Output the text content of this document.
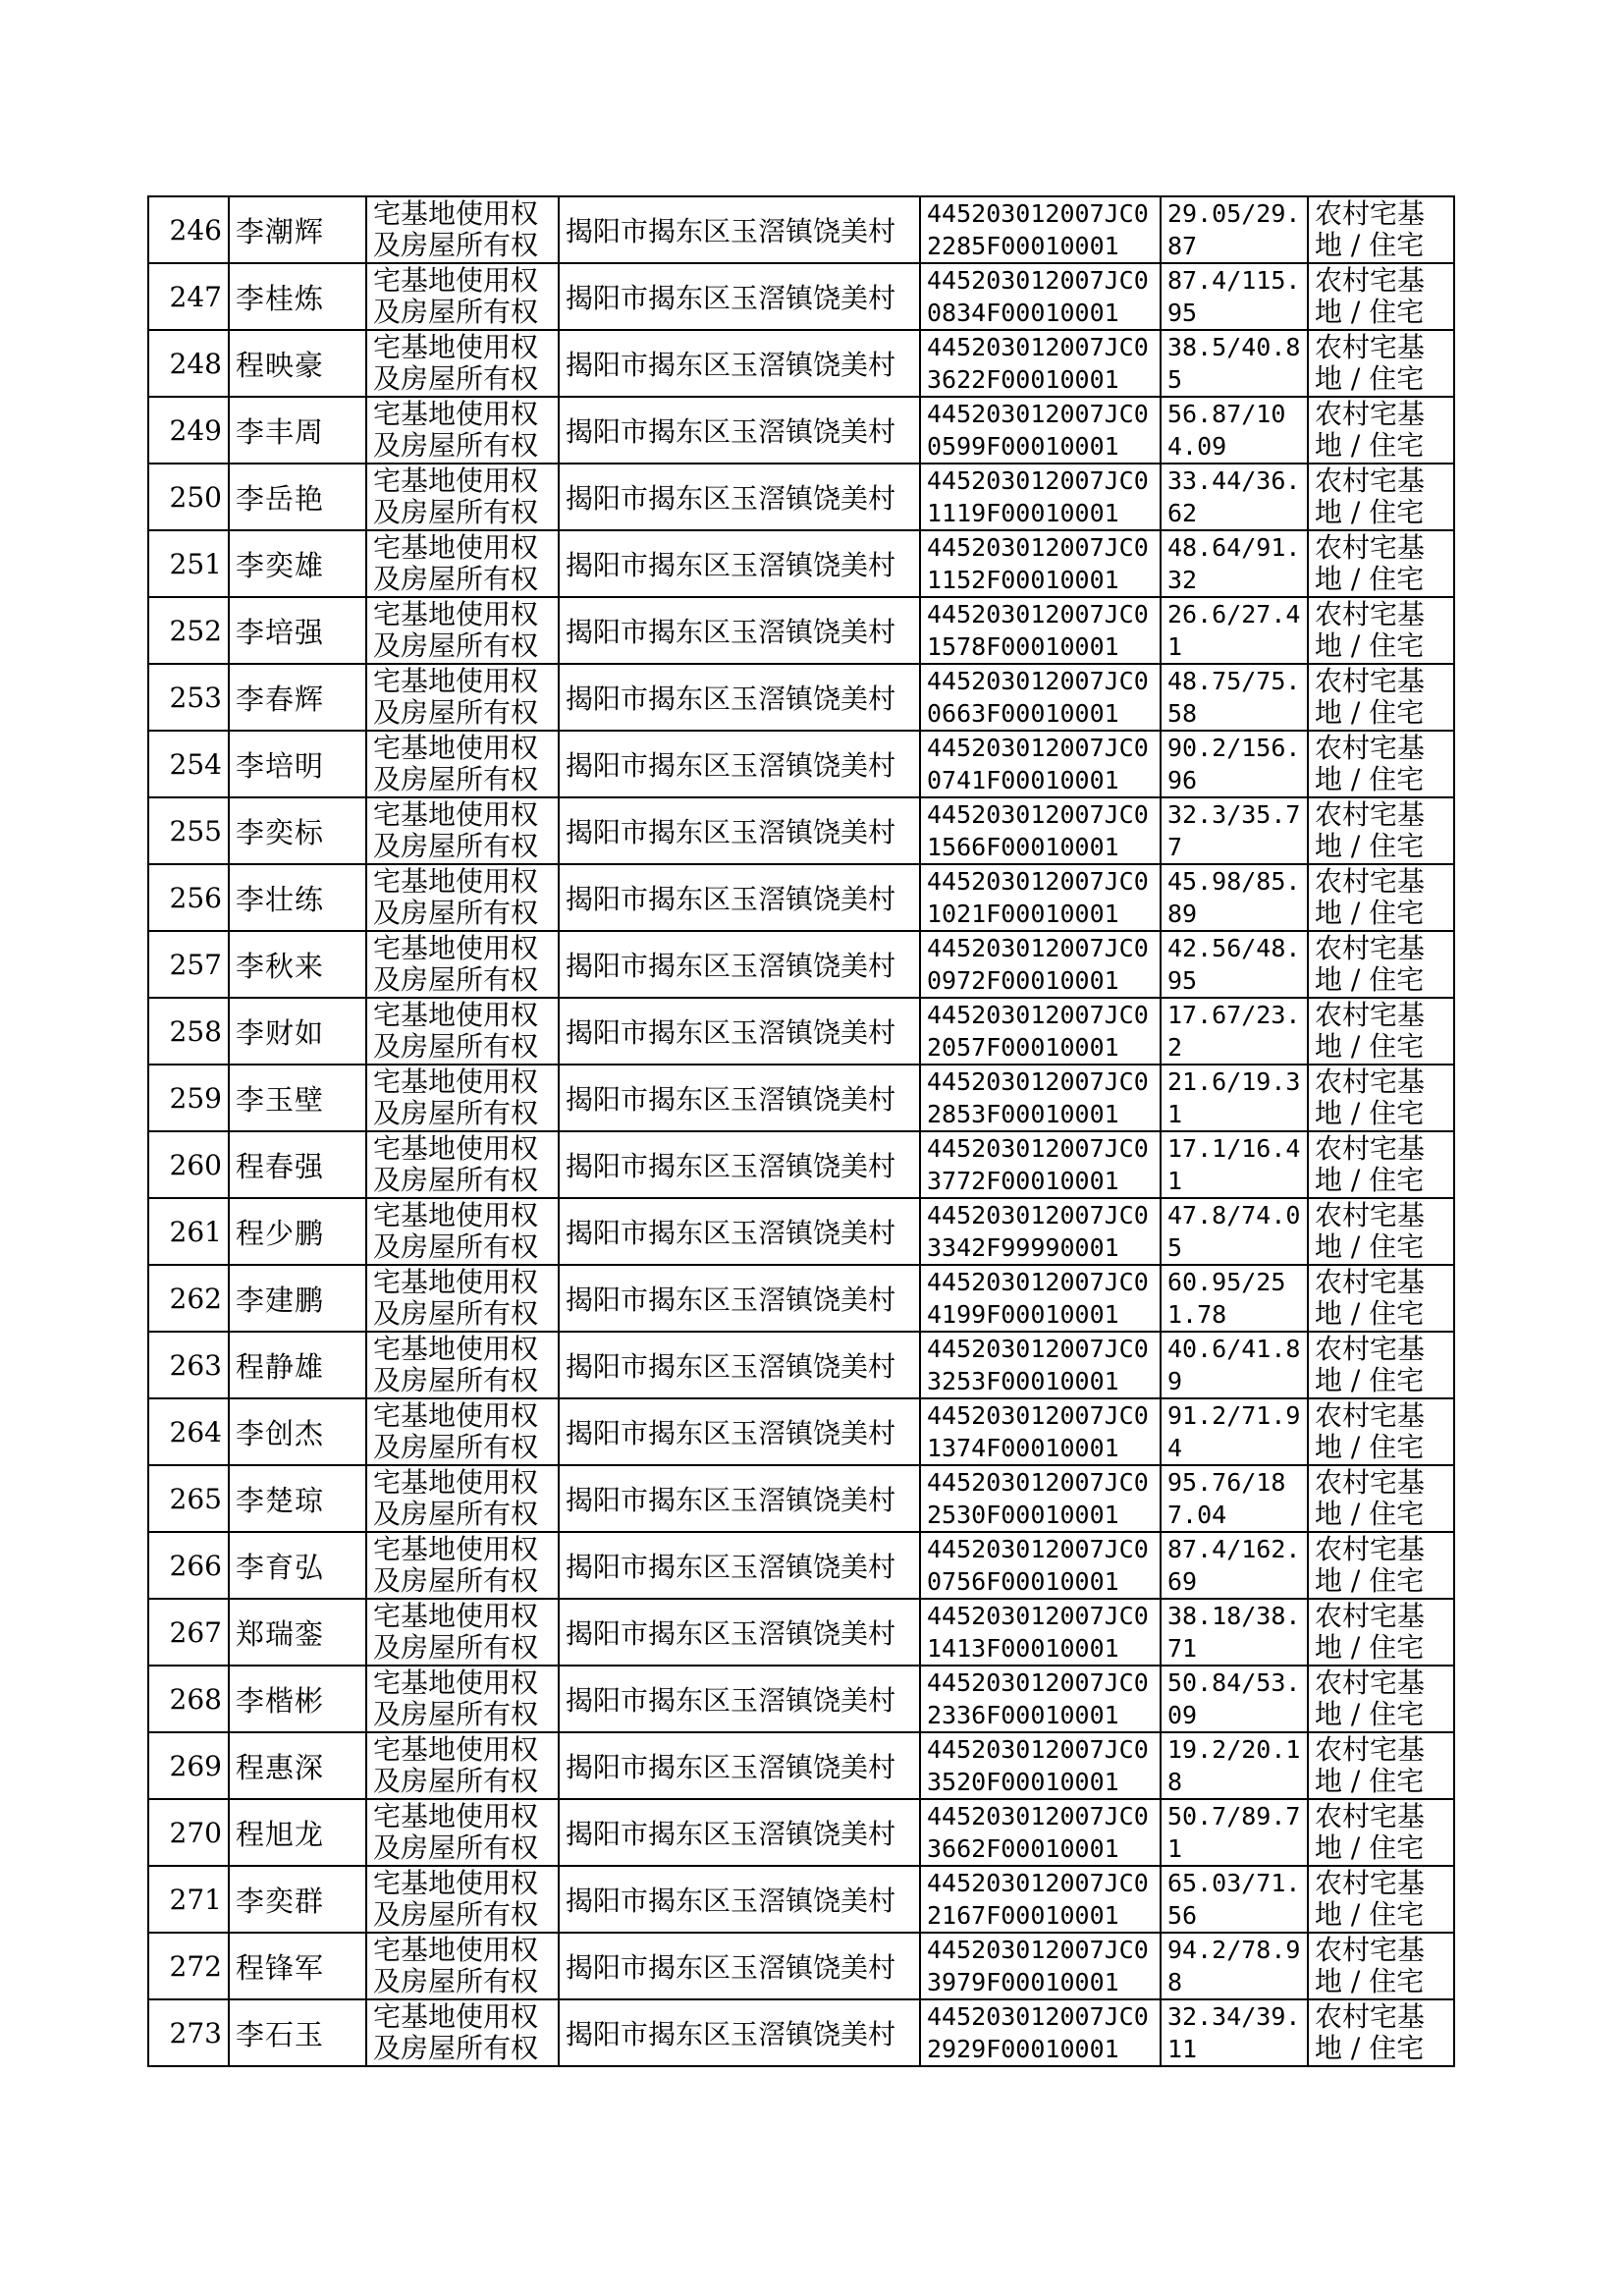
246	李潮辉	宅基地使用权及房屋所有权	揭阳市揭东区玉滘镇饶美村	445203012007JC02285F00010001	29.05/29.87	农村宅基地 / 住宅
247	李桂炼	宅基地使用权及房屋所有权	揭阳市揭东区玉滘镇饶美村	445203012007JC00834F00010001	87.4/115.95	农村宅基地 / 住宅
248	程映豪	宅基地使用权及房屋所有权	揭阳市揭东区玉滘镇饶美村	445203012007JC03622F00010001	38.5/40.85	农村宅基地 / 住宅
249	李丰周	宅基地使用权及房屋所有权	揭阳市揭东区玉滘镇饶美村	445203012007JC00599F00010001	56.87/104.09	农村宅基地 / 住宅
250	李岳艳	宅基地使用权及房屋所有权	揭阳市揭东区玉滘镇饶美村	445203012007JC01119F00010001	33.44/36.62	农村宅基地 / 住宅
251	李奕雄	宅基地使用权及房屋所有权	揭阳市揭东区玉滘镇饶美村	445203012007JC01152F00010001	48.64/91.32	农村宅基地 / 住宅
252	李培强	宅基地使用权及房屋所有权	揭阳市揭东区玉滘镇饶美村	445203012007JC01578F00010001	26.6/27.41	农村宅基地 / 住宅
253	李春辉	宅基地使用权及房屋所有权	揭阳市揭东区玉滘镇饶美村	445203012007JC00663F00010001	48.75/75.58	农村宅基地 / 住宅
254	李培明	宅基地使用权及房屋所有权	揭阳市揭东区玉滘镇饶美村	445203012007JC00741F00010001	90.2/156.96	农村宅基地 / 住宅
255	李奕标	宅基地使用权及房屋所有权	揭阳市揭东区玉滘镇饶美村	445203012007JC01566F00010001	32.3/35.77	农村宅基地 / 住宅
256	李壮练	宅基地使用权及房屋所有权	揭阳市揭东区玉滘镇饶美村	445203012007JC01021F00010001	45.98/85.89	农村宅基地 / 住宅
257	李秋来	宅基地使用权及房屋所有权	揭阳市揭东区玉滘镇饶美村	445203012007JC00972F00010001	42.56/48.95	农村宅基地 / 住宅
258	李财如	宅基地使用权及房屋所有权	揭阳市揭东区玉滘镇饶美村	445203012007JC02057F00010001	17.67/23.2	农村宅基地 / 住宅
259	李玉壁	宅基地使用权及房屋所有权	揭阳市揭东区玉滘镇饶美村	445203012007JC02853F00010001	21.6/19.31	农村宅基地 / 住宅
260	程春强	宅基地使用权及房屋所有权	揭阳市揭东区玉滘镇饶美村	445203012007JC03772F00010001	17.1/16.41	农村宅基地 / 住宅
261	程少鹏	宅基地使用权及房屋所有权	揭阳市揭东区玉滘镇饶美村	445203012007JC03342F99990001	47.8/74.05	农村宅基地 / 住宅
262	李建鹏	宅基地使用权及房屋所有权	揭阳市揭东区玉滘镇饶美村	445203012007JC04199F00010001	60.95/251.78	农村宅基地 / 住宅
263	程静雄	宅基地使用权及房屋所有权	揭阳市揭东区玉滘镇饶美村	445203012007JC03253F00010001	40.6/41.89	农村宅基地 / 住宅
264	李创杰	宅基地使用权及房屋所有权	揭阳市揭东区玉滘镇饶美村	445203012007JC01374F00010001	91.2/71.94	农村宅基地 / 住宅
265	李楚琼	宅基地使用权及房屋所有权	揭阳市揭东区玉滘镇饶美村	445203012007JC02530F00010001	95.76/187.04	农村宅基地 / 住宅
266	李育弘	宅基地使用权及房屋所有权	揭阳市揭东区玉滘镇饶美村	445203012007JC00756F00010001	87.4/162.69	农村宅基地 / 住宅
267	郑瑞銮	宅基地使用权及房屋所有权	揭阳市揭东区玉滘镇饶美村	445203012007JC01413F00010001	38.18/38.71	农村宅基地 / 住宅
268	李楷彬	宅基地使用权及房屋所有权	揭阳市揭东区玉滘镇饶美村	445203012007JC02336F00010001	50.84/53.09	农村宅基地 / 住宅
269	程惠深	宅基地使用权及房屋所有权	揭阳市揭东区玉滘镇饶美村	445203012007JC03520F00010001	19.2/20.18	农村宅基地 / 住宅
270	程旭龙	宅基地使用权及房屋所有权	揭阳市揭东区玉滘镇饶美村	445203012007JC03662F00010001	50.7/89.71	农村宅基地 / 住宅
271	李奕群	宅基地使用权及房屋所有权	揭阳市揭东区玉滘镇饶美村	445203012007JC02167F00010001	65.03/71.56	农村宅基地 / 住宅
272	程锋军	宅基地使用权及房屋所有权	揭阳市揭东区玉滘镇饶美村	445203012007JC03979F00010001	94.2/78.98	农村宅基地 / 住宅
273	李石玉	宅基地使用权及房屋所有权	揭阳市揭东区玉滘镇饶美村	445203012007JC02929F00010001	32.34/39.11	农村宅基地 / 住宅
